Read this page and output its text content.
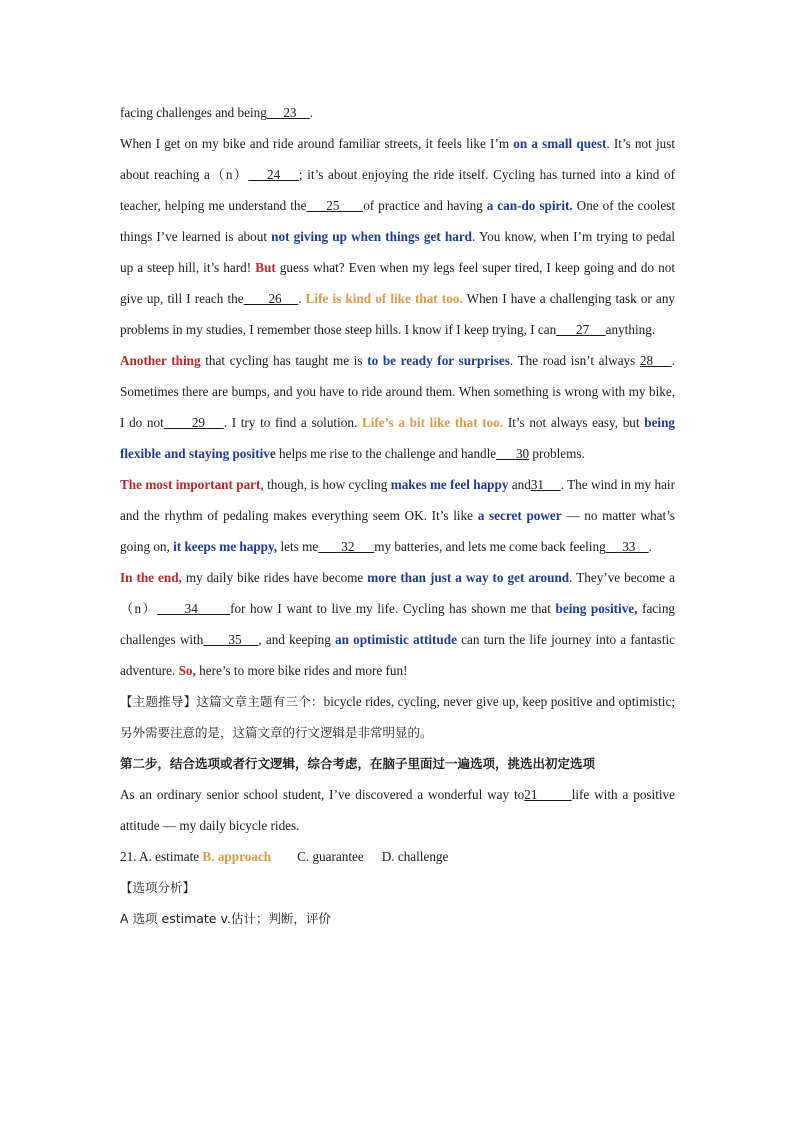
facing challenges and being 23 .

When I get on my bike and ride around familiar streets, it feels like I’m on a small quest. It’s not just about reaching a（n） 24 ; it’s about enjoying the ride itself. Cycling has turned into a kind of teacher, helping me understand the 25 of practice and having a can-do spirit. One of the coolest things I’ve learned is about not giving up when things get hard. You know, when I’m trying to pedal up a steep hill, it’s hard! But guess what? Even when my legs feel super tired, I keep going and do not give up, till I reach the 26 . Life is kind of like that too. When I have a challenging task or any problems in my studies, I remember those steep hills. I know if I keep trying, I can 27 anything.

Another thing that cycling has taught me is to be ready for surprises. The road isn’t always 28 . Sometimes there are bumps, and you have to ride around them. When something is wrong with my bike, I do not 29 . I try to find a solution. Life’s a bit like that too. It’s not always easy, but being flexible and staying positive helps me rise to the challenge and handle 30 problems.

The most important part, though, is how cycling makes me feel happy and31 . The wind in my hair and the rhythm of pedaling makes everything seem OK. It’s like a secret power — no matter what’s going on, it keeps me happy, lets me 32 my batteries, and lets me come back feeling 33 .

In the end, my daily bike rides have become more than just a way to get around. They’ve become a（n） 34 for how I want to live my life. Cycling has shown me that being positive, facing challenges with 35 , and keeping an optimistic attitude can turn the life journey into a fantastic adventure. So, here’s to more bike rides and more fun!

【主题推导】这篇文章主题有三个：bicycle rides, cycling, never give up, keep positive and optimistic;另外需要注意的是，这篇文章的行文逻辑是非常明显的。

第二步，结合选项或者行文逻辑，综合考虑，在脑子里面过一遍选项，挑选出初定选项

As an ordinary senior school student, I’ve discovered a wonderful way to21	life with a positive attitude — my daily bicycle rides.

21. A. estimate B. approach C. guarantee D. challenge

【选项分析】

A 选项 estimate v.估计；判断，评价
